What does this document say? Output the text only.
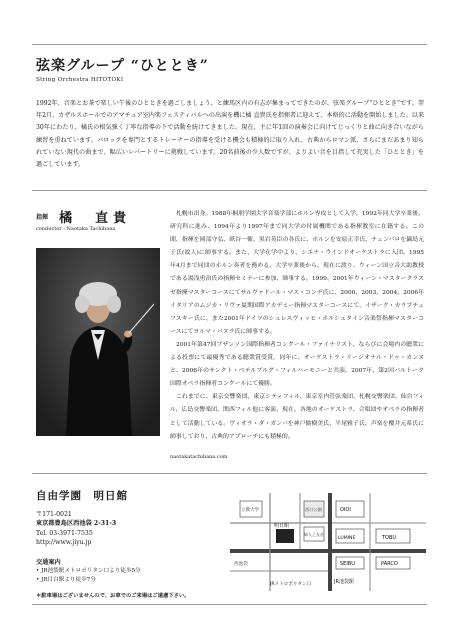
弦楽グループ “ひととき”
String Orchestra HITOTOKI

1992年、音楽とお茶で楽しい午後のひとときを過ごしましょう、と練馬区内の有志が集まってできたのが、弦楽グループ“ひととき”です。翌年2月、カザルスホールでのアマチュア室内楽フェスティバルへの出演を機に橘 直貴氏を指揮者に迎えて、本格的に活動を開始しました。以来30年にわたり、橘氏の根気強く丁寧な指導の下で活動を続けてきました。現在、主に年1回の演奏会に向けてじっくりと曲に向き合いながら練習を重ねています。バロックを専門とするトレーナーの指導を受ける機会も積極的に取り入れ、古典からロマン派、さらにまだあまり知られていない現代の曲まで、幅広いレパートリーに挑戦しています。20名前後の少人数ですが、よりよい音を目指して充実した「ひととき」を過ごしています。

指揮 橘　直貴
conductor : Naotaka Tachibana

札幌市出身。1988年桐朋学園大学音楽学部にホルン専攻として入学。1992年同大学卒業後、研究科に進み、1994年より1997年まで同大学の付属機関である指揮教室に在籍する。この間、指揮を岡部守弘、紙谷一衛、黒岩英臣の各氏に、ホルンを安原正幸氏、チェンバロを鍋島元子氏(故人)に師事する。また、大学在学中より、シエナ・ウインドオーケストラに入団。1995年4月まで同団のホルン奏者を務める。大学卒業後から、現在に渡り、ウィーン国立音大助教授である湯浅勇治氏の指揮セミナーに参加、師事する。1999、2001年ウィーン・マスタークラスゼ指揮マスターコースにてサルヴァドール・マス・コンデ氏に、2000、2003、2004、2006年イタリアのムジカ・リヴァ夏期国際アカデミー指揮マスターコースにて、イザーク・カラブチェフスキー氏に、また2001年ドイツのシュレスヴィッヒ・ホルシュタイン音楽祭指揮マスターコースにてヨルマ・パヌラ氏に師事する。

2001年第47回ブザンソン国際指揮者コンクール・ファイナリスト、ならびに会場内の聴衆による投票にて最優秀である聴衆賞受賞。同年に、オーケストラ・リージオナル・ドゥ・カンヌと、2006年のサンクト・ペテルブルグ・フィルハーモニーと共演。2007年、第2回バルトーク国際オペラ指揮者コンクールにて優勝。

これまでに、東京交響楽団、東京シティフィル、東京室内管弦楽団、札幌交響楽団、仙台フィル、広島交響楽団、関西フィル他に客演。現在、各地のオーケストラ、合唱団やオペラの指揮者として活動している。ヴィオラ・ダ・ガンバを神戸愉樹美氏、平尾雅子氏、声楽を櫻井元希氏に師事しており、古典的アプローチにも積極的。

naotakatachibana.com
自由学園　明日館
〒171-0021
東京都豊島区西池袋 2-31-3
Tel. 03-3971-7535
http://www.jiyu.jp
交通案内
• JR池袋駅メトロポリタン口より徒歩5分
• JR目白駅より徒歩7分
＊駐車場はございませんので、お車でのご来場はご遠慮下さい。
明日館
立教大学
婦人之友社
西口公園	OIOI
TOBU
SEIBU	PARCO
LUMINE
西池袋
JR池袋駅
JRメトロポリタン口
